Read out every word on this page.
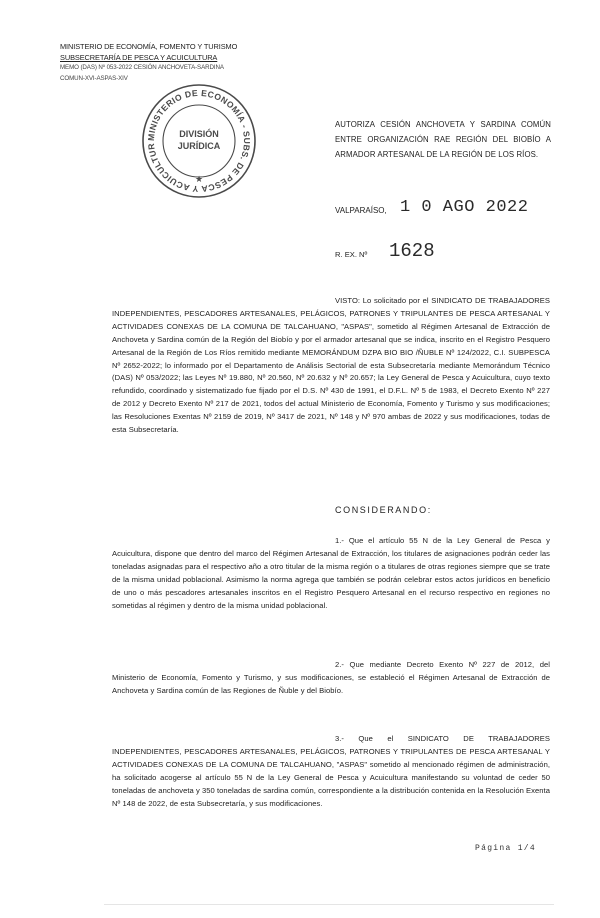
MINISTERIO DE ECONOMÍA, FOMENTO Y TURISMO
SUBSECRETARÍA DE PESCA Y ACUICULTURA
MEMO (DAS) Nº 053-2022 CESIÓN ANCHOVETA-SARDINA
COMUN-XVI-ASPAS-XIV
MINISTERIO DE ECONOMÍA - SUBS. DE PESCA Y ACUICULTUR
DIVISIÓN
JURÍDICA
★
AUTORIZA CESIÓN ANCHOVETA Y SARDINA COMÚN ENTRE ORGANIZACIÓN RAE REGIÓN DEL BIOBÍO A ARMADOR ARTESANAL DE LA REGIÓN DE LOS RÍOS.
VALPARAÍSO, 1 0 AGO 2022
R. EX. Nº 1628
VISTO: Lo solicitado por el SINDICATO DE TRABAJADORES INDEPENDIENTES, PESCADORES ARTESANALES, PELÁGICOS, PATRONES Y TRIPULANTES DE PESCA ARTESANAL Y ACTIVIDADES CONEXAS DE LA COMUNA DE TALCAHUANO, "ASPAS", sometido al Régimen Artesanal de Extracción de Anchoveta y Sardina común de la Región del Biobío y por el armador artesanal que se indica, inscrito en el Registro Pesquero Artesanal de la Región de Los Ríos remitido mediante MEMORÁNDUM DZPA BIO BIO /ÑUBLE Nº 124/2022, C.I. SUBPESCA Nº 2652-2022; lo informado por el Departamento de Análisis Sectorial de esta Subsecretaría mediante Memorándum Técnico (DAS) Nº 053/2022; las Leyes Nº 19.880, Nº 20.560, Nº 20.632 y Nº 20.657; la Ley General de Pesca y Acuicultura, cuyo texto refundido, coordinado y sistematizado fue fijado por el D.S. Nº 430 de 1991, el D.F.L. Nº 5 de 1983, el Decreto Exento Nº 227 de 2012 y Decreto Exento Nº 217 de 2021, todos del actual Ministerio de Economía, Fomento y Turismo y sus modificaciones; las Resoluciones Exentas Nº 2159 de 2019, Nº 3417 de 2021, Nº 148 y Nº 970 ambas de 2022 y sus modificaciones, todas de esta Subsecretaría.
CONSIDERANDO:
1.- Que el artículo 55 N de la Ley General de Pesca y Acuicultura, dispone que dentro del marco del Régimen Artesanal de Extracción, los titulares de asignaciones podrán ceder las toneladas asignadas para el respectivo año a otro titular de la misma región o a titulares de otras regiones siempre que se trate de la misma unidad poblacional. Asimismo la norma agrega que también se podrán celebrar estos actos jurídicos en beneficio de uno o más pescadores artesanales inscritos en el Registro Pesquero Artesanal en el recurso respectivo en regiones no sometidas al régimen y dentro de la misma unidad poblacional.
2.- Que mediante Decreto Exento Nº 227 de 2012, del Ministerio de Economía, Fomento y Turismo, y sus modificaciones, se estableció el Régimen Artesanal de Extracción de Anchoveta y Sardina común de las Regiones de Ñuble y del Biobío.
3.- Que el SINDICATO DE TRABAJADORES INDEPENDIENTES, PESCADORES ARTESANALES, PELÁGICOS, PATRONES Y TRIPULANTES DE PESCA ARTESANAL Y ACTIVIDADES CONEXAS DE LA COMUNA DE TALCAHUANO, "ASPAS" sometido al mencionado régimen de administración, ha solicitado acogerse al artículo 55 N de la Ley General de Pesca y Acuicultura manifestando su voluntad de ceder 50 toneladas de anchoveta y 350 toneladas de sardina común, correspondiente a la distribución contenida en la Resolución Exenta Nº 148 de 2022, de esta Subsecretaría, y sus modificaciones.
Página 1/4
